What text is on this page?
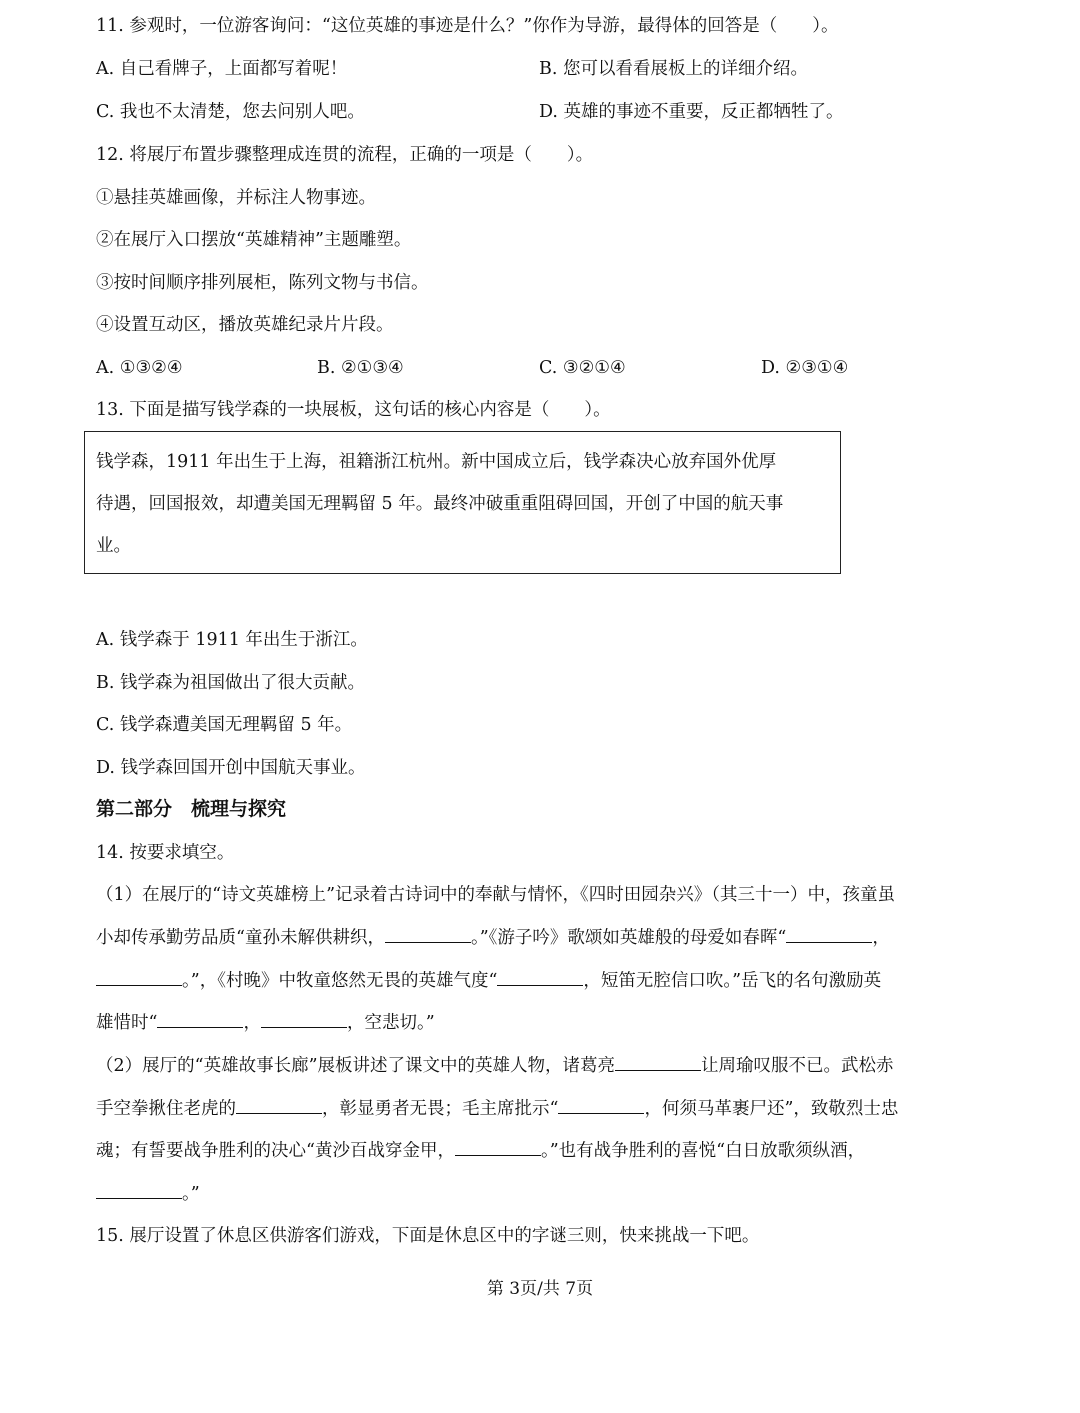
11. 参观时，一位游客询问：“这位英雄的事迹是什么？”你作为导游，最得体的回答是（　　）。
A. 自己看牌子，上面都写着呢！	B. 您可以看看展板上的详细介绍。
C. 我也不太清楚，您去问别人吧。	D. 英雄的事迹不重要，反正都牺牲了。
12. 将展厅布置步骤整理成连贯的流程，正确的一项是（　　）。
①悬挂英雄画像，并标注人物事迹。
②在展厅入口摆放“英雄精神”主题雕塑。
③按时间顺序排列展柜，陈列文物与书信。
④设置互动区，播放英雄纪录片片段。
A. ①③②④	B. ②①③④	C. ③②①④	D. ②③①④
13. 下面是描写钱学森的一块展板，这句话的核心内容是（　　）。
钱学森，1911 年出生于上海，祖籍浙江杭州。新中国成立后，钱学森决心放弃国外优厚
待遇，回国报效，却遭美国无理羁留 5 年。最终冲破重重阻碍回国，开创了中国的航天事
业。
A. 钱学森于 1911 年出生于浙江。
B. 钱学森为祖国做出了很大贡献。
C. 钱学森遭美国无理羁留 5 年。
D. 钱学森回国开创中国航天事业。
第二部分　梳理与探究
14. 按要求填空。
（1）在展厅的“诗文英雄榜上”记录着古诗词中的奉献与情怀，《四时田园杂兴》（其三十一）中，孩童虽
小却传承勤劳品质“童孙未解供耕织，	。”《游子吟》歌颂如英雄般的母爱如春晖“	，
。”，《村晚》中牧童悠然无畏的英雄气度“	，短笛无腔信口吹。”岳飞的名句激励英
雄惜时“	，	，空悲切。”
（2）展厅的“英雄故事长廊”展板讲述了课文中的英雄人物，诸葛亮	让周瑜叹服不已。武松赤
手空拳揪住老虎的	，彰显勇者无畏；毛主席批示“	，何须马革裹尸还”，致敬烈士忠
魂；有誓要战争胜利的决心“黄沙百战穿金甲，	。”也有战争胜利的喜悦“白日放歌须纵酒，
。”
15. 展厅设置了休息区供游客们游戏，下面是休息区中的字谜三则，快来挑战一下吧。
第 3页/共 7页
